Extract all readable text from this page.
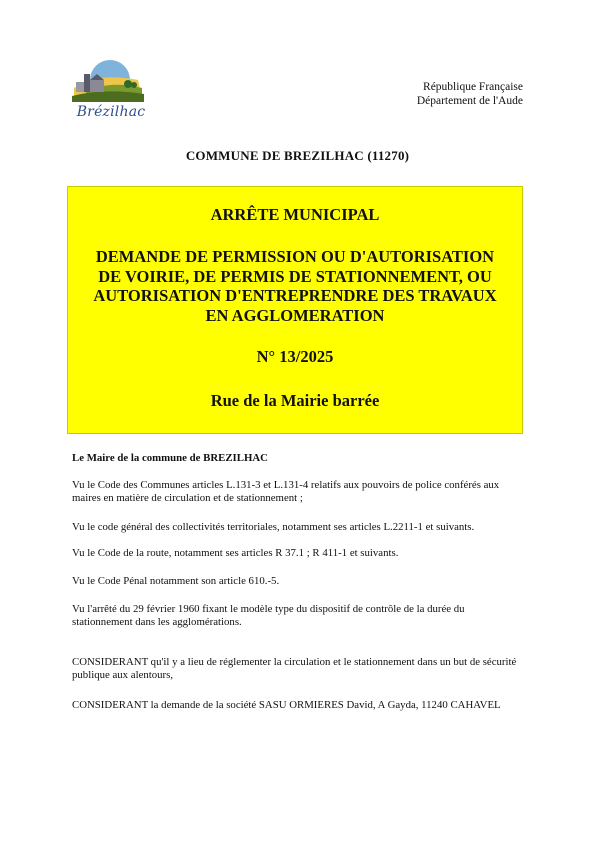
Brézilhac
République Française
Département de l'Aude
COMMUNE DE BREZILHAC (11270)
ARRÊTE MUNICIPAL
DEMANDE DE PERMISSION OU D'AUTORISATION
DE VOIRIE, DE PERMIS DE STATIONNEMENT, OU
AUTORISATION D'ENTREPRENDRE DES TRAVAUX
EN AGGLOMERATION
N° 13/2025
Rue de la Mairie barrée

Le Maire de la commune de BREZILHAC

Vu le Code des Communes articles L.131-3 et L.131-4 relatifs aux pouvoirs de police conférés aux maires en matière de circulation et de stationnement ;

Vu le code général des collectivités territoriales, notamment ses articles L.2211-1 et suivants.

Vu le Code de la route, notamment ses articles R 37.1 ; R 411-1 et suivants.

Vu le Code Pénal notamment son article 610.-5.

Vu l'arrêté du 29 février 1960 fixant le modèle type du dispositif de contrôle de la durée du stationnement dans les agglomérations.

CONSIDERANT qu'il y a lieu de réglementer la circulation et le stationnement dans un but de sécurité publique aux alentours,

CONSIDERANT la demande de la société SASU ORMIERES David, A Gayda, 11240 CAHAVEL
